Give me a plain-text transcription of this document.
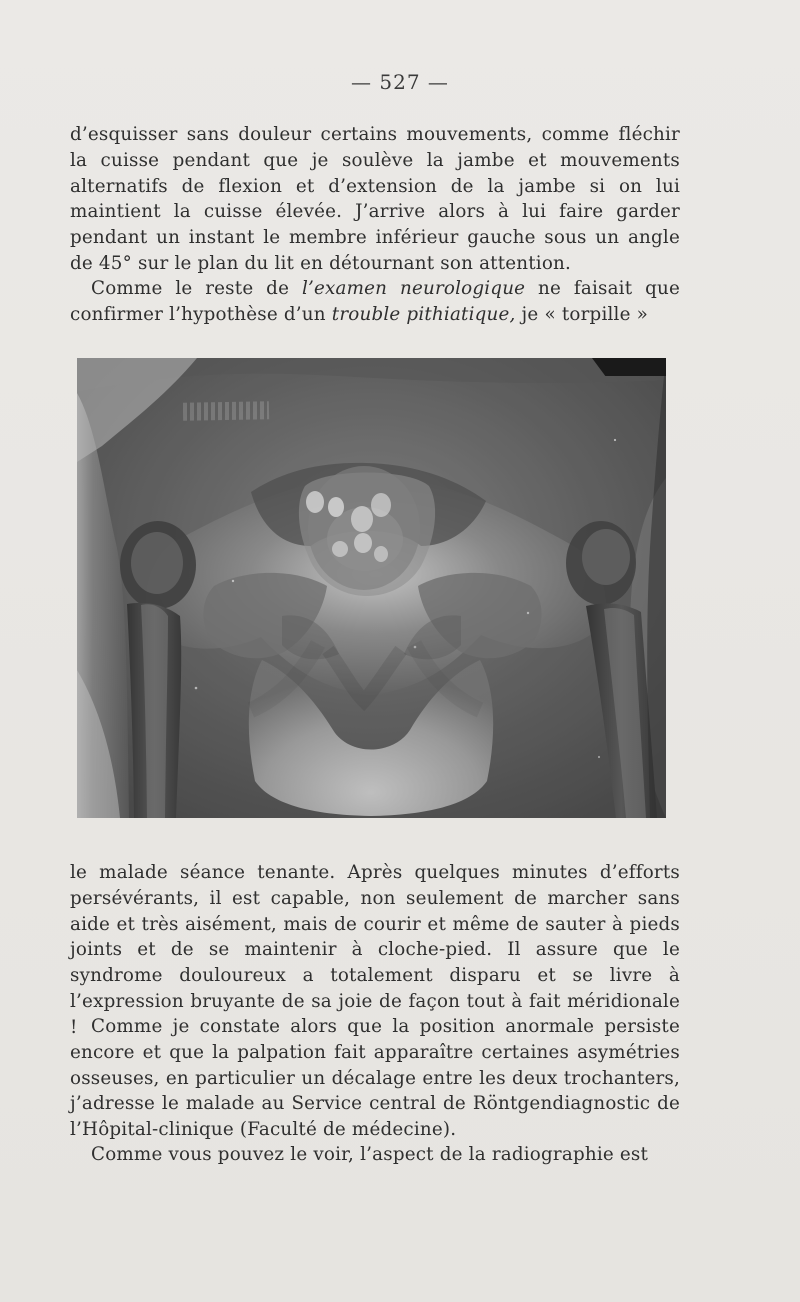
— 527 —
d’esquisser sans douleur certains mouvements, comme fléchir la cuisse pendant que je soulève la jambe et mouvements alternatifs de flexion et d’extension de la jambe si on lui maintient la cuisse élevée. J’arrive alors à lui faire garder pendant un instant le membre inférieur gauche sous un angle de 45° sur le plan du lit en détournant son attention.
Comme le reste de l’examen neurologique ne faisait que confirmer l’hypothèse d’un trouble pithiatique, je « torpille »
le malade séance tenante. Après quelques minutes d’efforts persévérants, il est capable, non seulement de marcher sans aide et très aisément, mais de courir et même de sauter à pieds joints et de se maintenir à cloche-pied. Il assure que le syndrome douloureux a totalement disparu et se livre à l’expression bruyante de sa joie de façon tout à fait méridionale ! Comme je constate alors que la position anormale persiste encore et que la palpation fait apparaître certaines asymétries osseuses, en particulier un décalage entre les deux trochanters, j’adresse le malade au Service central de Röntgendiagnostic de l’Hôpital-clinique (Faculté de médecine).
Comme vous pouvez le voir, l’aspect de la radiographie est
